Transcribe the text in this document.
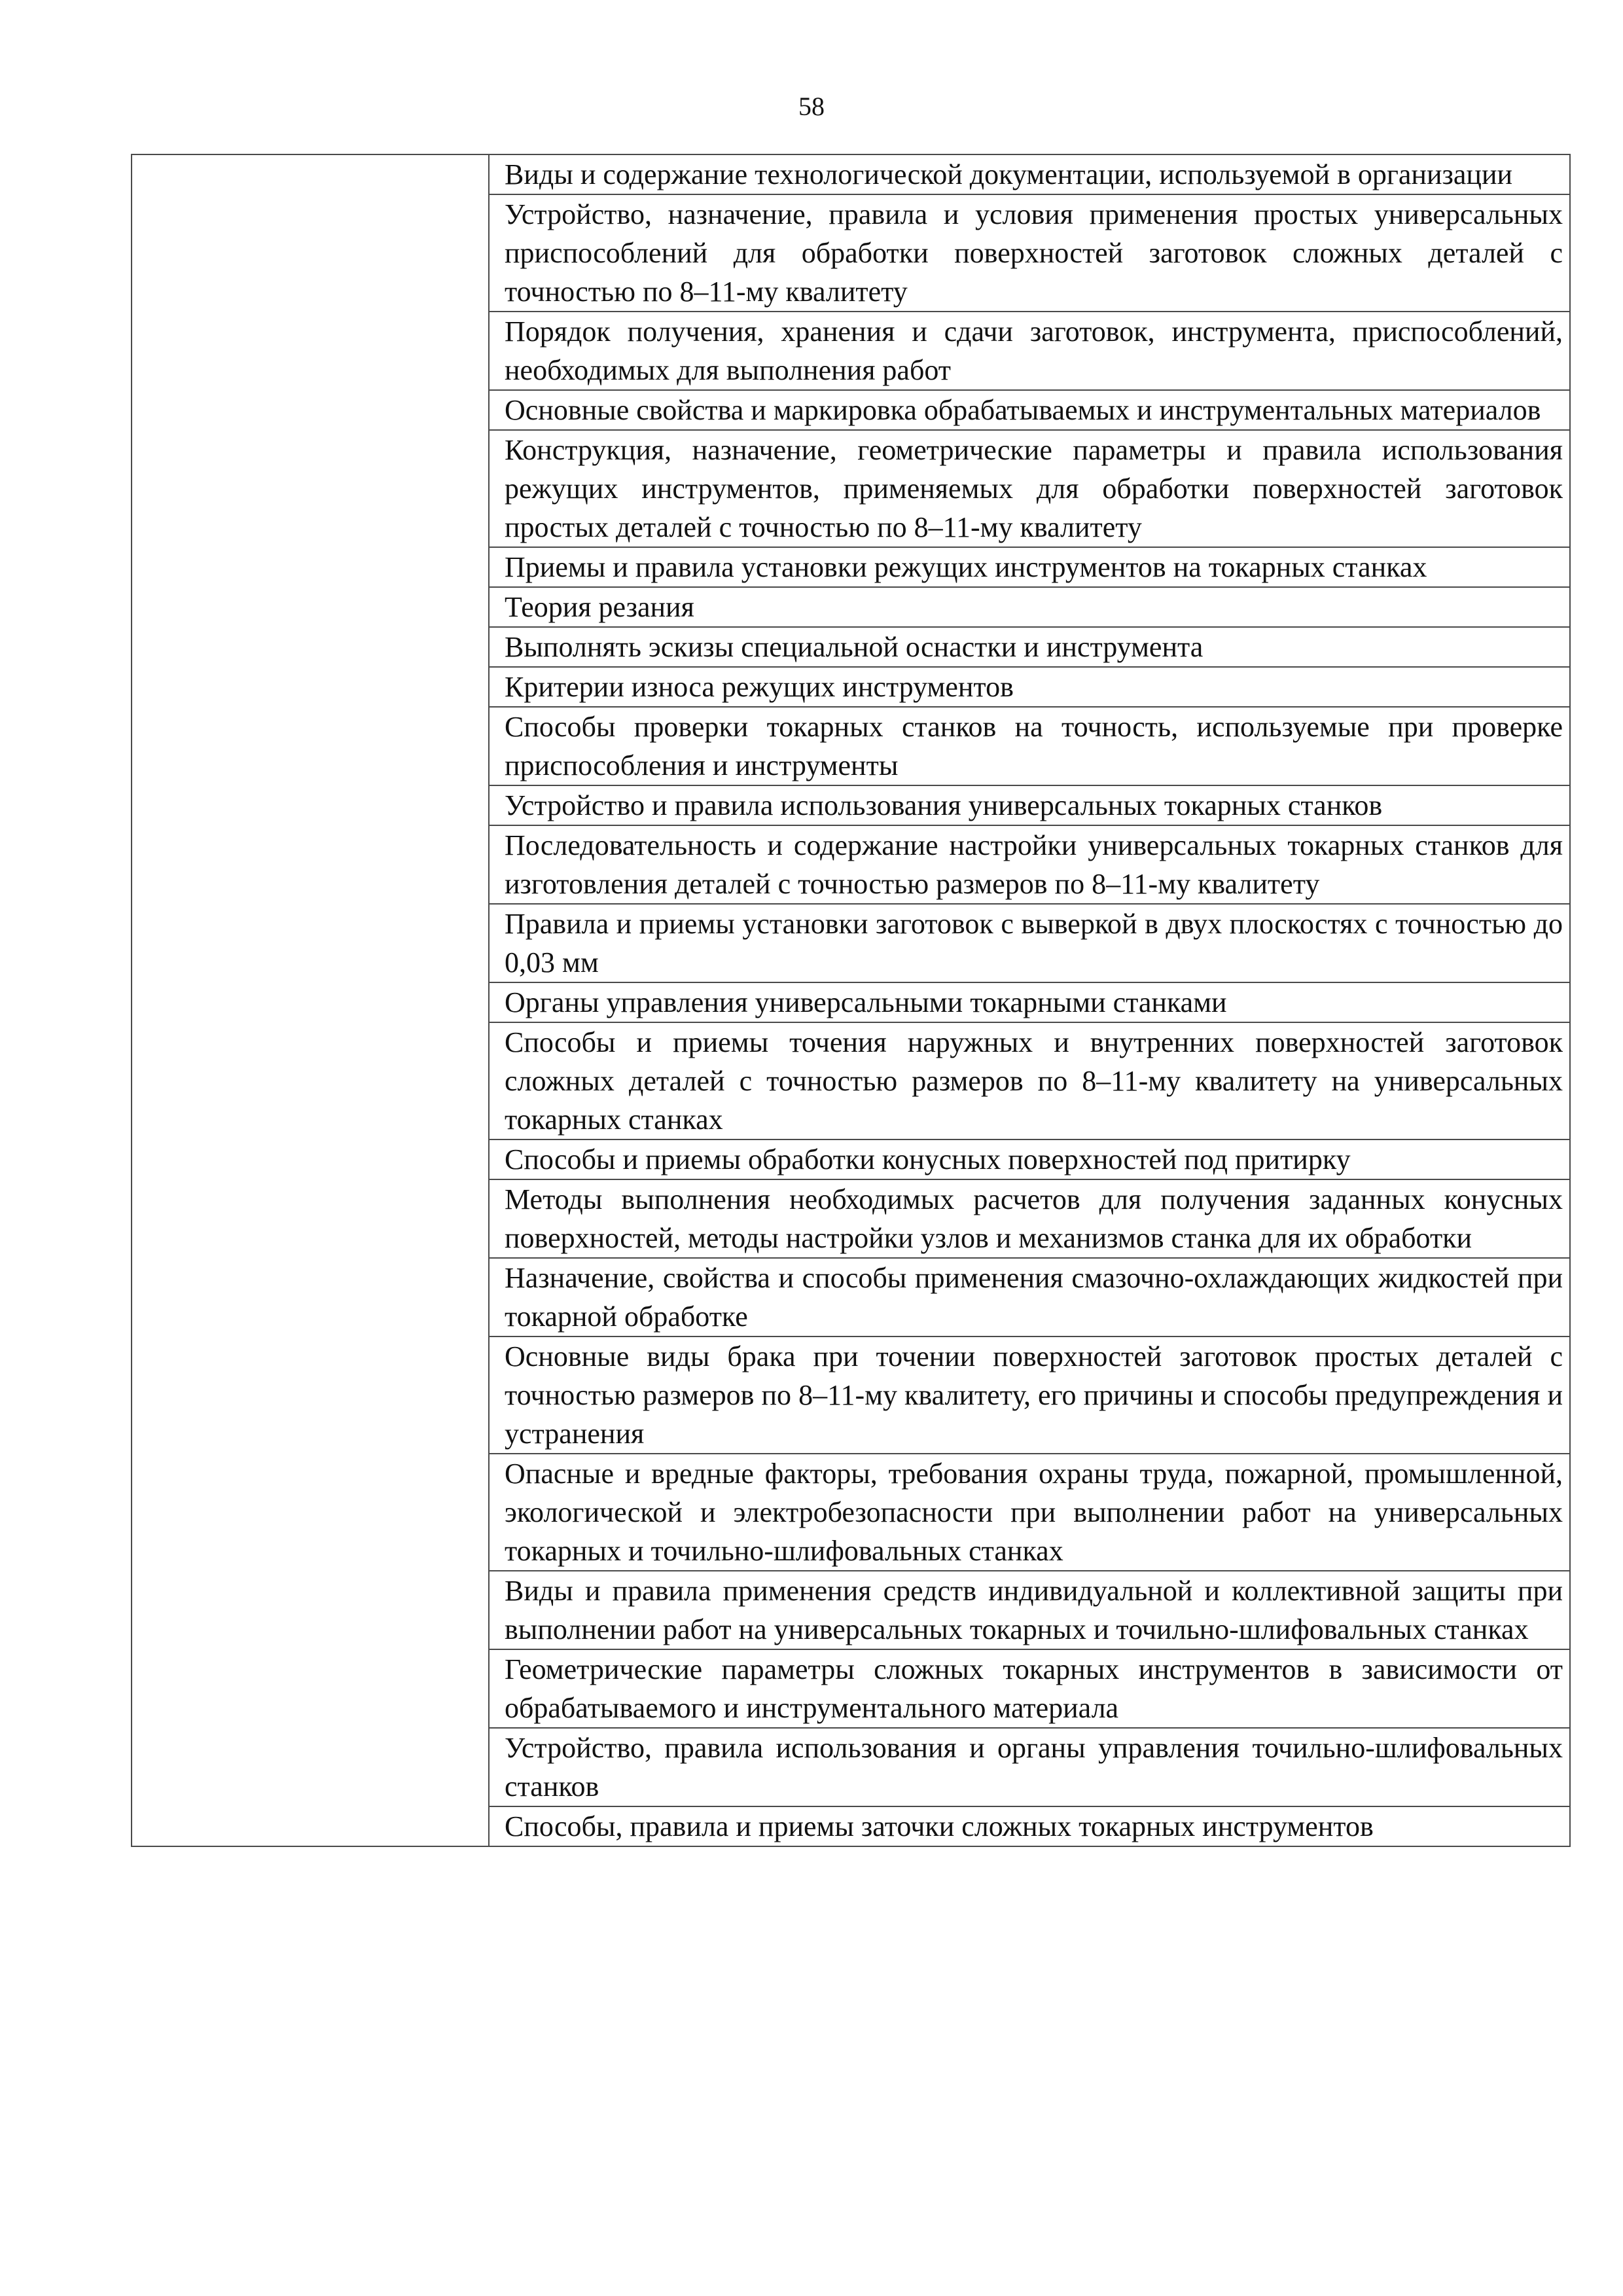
58

Виды и содержание технологической документации, используемой в организации

Устройство, назначение, правила и условия применения простых универсальных приспособлений для обработки поверхностей заготовок сложных деталей с точностью по 8–11-му квалитету

Порядок получения, хранения и сдачи заготовок, инструмента, приспособлений, необходимых для выполнения работ

Основные свойства и маркировка обрабатываемых и инструментальных материалов

Конструкция, назначение, геометрические параметры и правила использования режущих инструментов, применяемых для обработки поверхностей заготовок простых деталей с точностью по 8–11-му квалитету

Приемы и правила установки режущих инструментов на токарных станках

Теория резания

Выполнять эскизы специальной оснастки и инструмента

Критерии износа режущих инструментов

Способы проверки токарных станков на точность, используемые при проверке приспособления и инструменты

Устройство и правила использования универсальных токарных станков

Последовательность и содержание настройки универсальных токарных станков для изготовления деталей с точностью размеров по 8–11-му квалитету

Правила и приемы установки заготовок с выверкой в двух плоскостях с точностью до 0,03 мм

Органы управления универсальными токарными станками

Способы и приемы точения наружных и внутренних поверхностей заготовок сложных деталей с точностью размеров по 8–11-му квалитету на универсальных токарных станках

Способы и приемы обработки конусных поверхностей под притирку

Методы выполнения необходимых расчетов для получения заданных конусных поверхностей, методы настройки узлов и механизмов станка для их обработки

Назначение, свойства и способы применения смазочно-охлаждающих жидкостей при токарной обработке

Основные виды брака при точении поверхностей заготовок простых деталей с точностью размеров по 8–11-му квалитету, его причины и способы предупреждения и устранения

Опасные и вредные факторы, требования охраны труда, пожарной, промышленной, экологической и электробезопасности при выполнении работ на универсальных токарных и точильно-шлифовальных станках

Виды и правила применения средств индивидуальной и коллективной защиты при выполнении работ на универсальных токарных и точильно-шлифовальных станках

Геометрические параметры сложных токарных инструментов в зависимости от обрабатываемого и инструментального материала

Устройство, правила использования и органы управления точильно-шлифовальных станков

Способы, правила и приемы заточки сложных токарных инструментов
